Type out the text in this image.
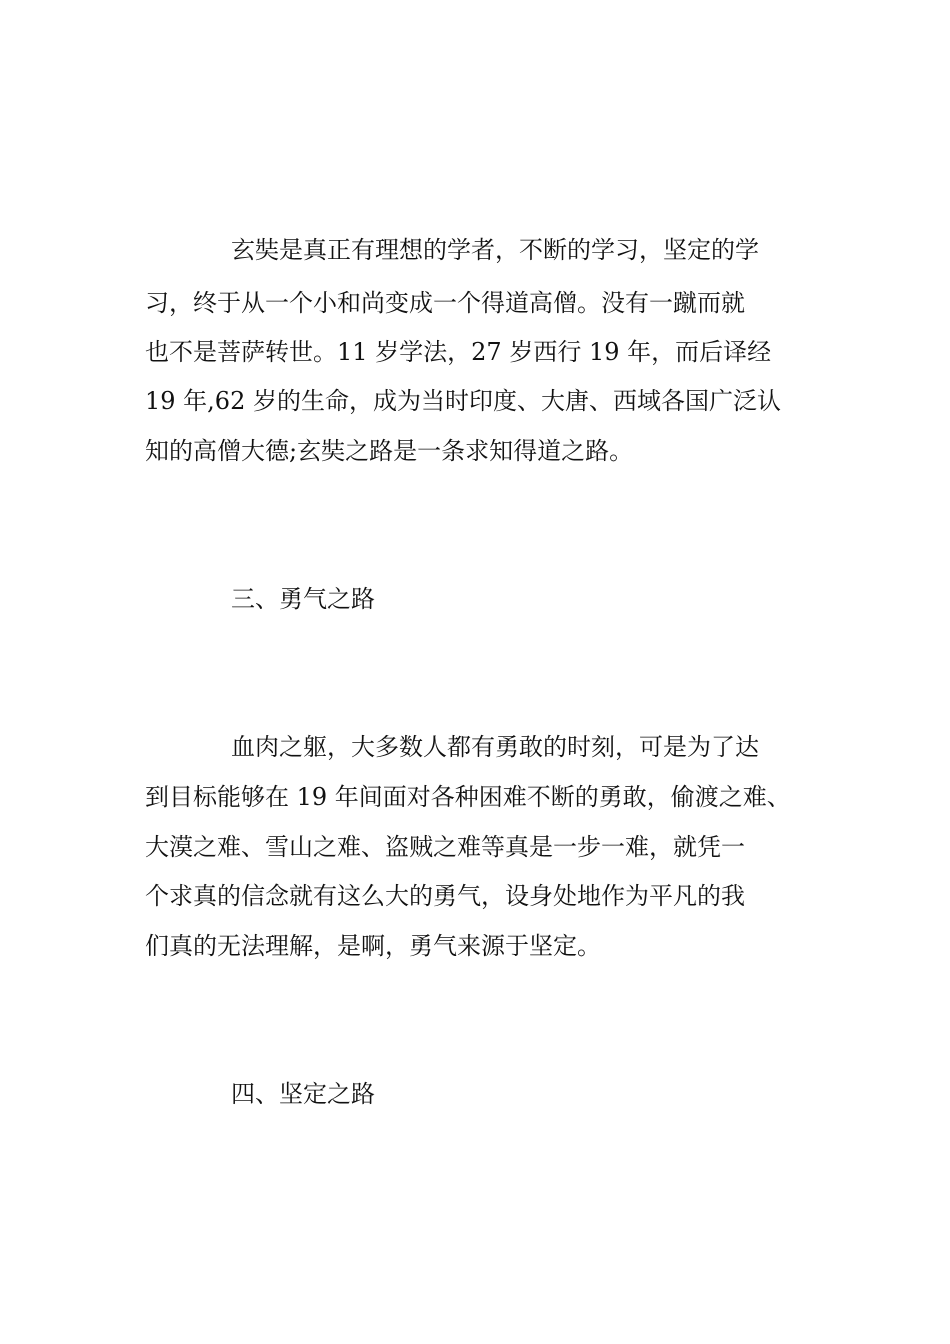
玄奘是真正有理想的学者，不断的学习，坚定的学

习，终于从一个小和尚变成一个得道高僧。没有一蹴而就

也不是菩萨转世。11 岁学法，27 岁西行 19 年，而后译经

19 年,62 岁的生命，成为当时印度、大唐、西域各国广泛认

知的高僧大德;玄奘之路是一条求知得道之路。

三、勇气之路

血肉之躯，大多数人都有勇敢的时刻，可是为了达

到目标能够在 19 年间面对各种困难不断的勇敢，偷渡之难、

大漠之难、雪山之难、盗贼之难等真是一步一难，就凭一

个求真的信念就有这么大的勇气，设身处地作为平凡的我

们真的无法理解，是啊，勇气来源于坚定。

四、坚定之路
